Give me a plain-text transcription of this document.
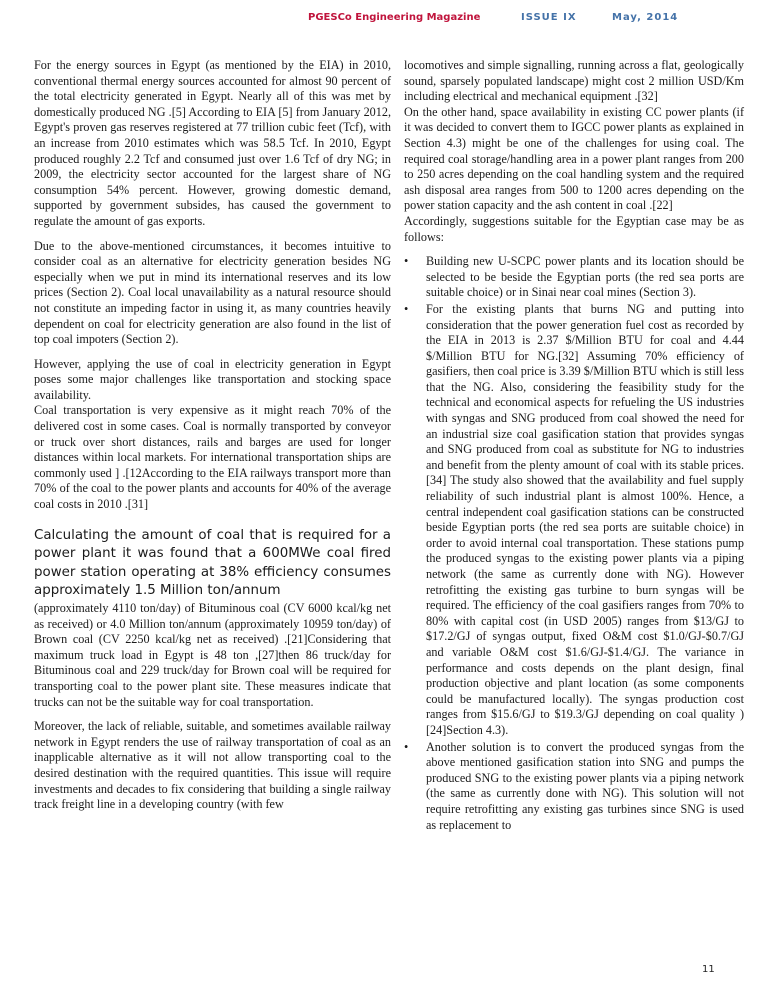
PGESCo Engineering Magazine	ISSUE IX	May, 2014

For the energy sources in Egypt (as mentioned by the EIA) in 2010, conventional thermal energy sources accounted for almost 90 percent of the total electricity generated in Egypt. Nearly all of this was met by domestically produced NG .[5] According to EIA [5] from January 2012, Egypt's proven gas reserves registered at 77 trillion cubic feet (Tcf), with an increase from 2010 estimates which was 58.5 Tcf. In 2010, Egypt produced roughly 2.2 Tcf and consumed just over 1.6 Tcf of dry NG; in 2009, the electricity sector accounted for the largest share of NG consumption 54% percent. However, growing domestic demand, supported by government subsides, has caused the government to regulate the amount of gas exports.

Due to the above-mentioned circumstances, it becomes intuitive to consider coal as an alternative for electricity generation besides NG especially when we put in mind its international reserves and its low prices (Section 2). Coal local unavailability as a natural resource should not constitute an impeding factor in using it, as many countries heavily dependent on coal for electricity generation are also found in the list of top coal impoters (Section 2).

However, applying the use of coal in electricity generation in Egypt poses some major challenges like transportation and stocking space availability.

Coal transportation is very expensive as it might reach 70% of the delivered cost in some cases. Coal is normally transported by conveyor or truck over short distances, rails and barges are used for longer distances within local markets. For international transportation ships are commonly used ] .[12According to the EIA railways transport more than 70% of the coal to the power plants and accounts for 40% of the average coal costs in 2010 .[31]

Calculating the amount of coal that is required for a power plant it was found that a 600MWe coal fired power station operating at 38% efficiency consumes approximately 1.5 Million ton/annum

(approximately 4110 ton/day) of Bituminous coal (CV 6000 kcal/kg net as received) or 4.0 Million ton/annum (approximately 10959 ton/day) of Brown coal (CV 2250 kcal/kg net as received) .[21]Considering that maximum truck load in Egypt is 48 ton ,[27]then 86 truck/day for Bituminous coal and 229 truck/day for Brown coal will be required for transporting coal to the power plant site. These measures indicate that trucks can not be the suitable way for coal transportation.

Moreover, the lack of reliable, suitable, and sometimes available railway network in Egypt renders the use of railway transportation of coal as an inapplicable alternative as it will not allow transporting coal to the desired destination with the required quantities. This issue will require investments and decades to fix considering that building a single railway track freight line in a developing country (with few

locomotives and simple signalling, running across a flat, geologically sound, sparsely populated landscape) might cost 2 million USD/Km including electrical and mechanical equipment .[32]

On the other hand, space availability in existing CC power plants (if it was decided to convert them to IGCC power plants as explained in Section 4.3) might be one of the challenges for using coal. The required coal storage/handling area in a power plant ranges from 200 to 250 acres depending on the coal handling system and the required ash disposal area ranges from 500 to 1200 acres depending on the power station capacity and the ash content in coal .[22]

Accordingly, suggestions suitable for the Egyptian case may be as follows:

• Building new U-SCPC power plants and its location should be selected to be beside the Egyptian ports (the red sea ports are suitable choice) or in Sinai near coal mines (Section 3).
• For the existing plants that burns NG and putting into consideration that the power generation fuel cost as recorded by the EIA in 2013 is 2.37 $/Million BTU for coal and 4.44 $/Million BTU for NG.[32] Assuming 70% efficiency of gasifiers, then coal price is 3.39 $/Million BTU which is still less that the NG. Also, considering the feasibility study for the technical and economical aspects for refueling the US industries with syngas and SNG produced from coal showed the need for an industrial size coal gasification station that provides syngas and SNG produced from coal as substitute for NG to industries and benefit from the plenty amount of coal with its stable prices.[34] The study also showed that the availability and fuel supply reliability of such industrial plant is almost 100%. Hence, a central independent coal gasification stations can be constructed beside Egyptian ports (the red sea ports are suitable choice) in order to avoid internal coal transportation. These stations pump the produced syngas to the existing power plants via a piping network (the same as currently done with NG). However retrofitting the existing gas turbine to burn syngas will be required. The efficiency of the coal gasifiers ranges from 70% to 80% with capital cost (in USD 2005) ranges from $13/GJ to $17.2/GJ of syngas output, fixed O&M cost $1.0/GJ-$0.7/GJ and variable O&M cost $1.6/GJ-$1.4/GJ. The variance in performance and costs depends on the plant design, final production objective and plant location (as some components could be manufactured locally). The syngas production cost ranges from $15.6/GJ to $19.3/GJ depending on coal quality ) [24]Section 4.3).
• Another solution is to convert the produced syngas from the above mentioned gasification station into SNG and pumps the produced SNG to the existing power plants via a piping network (the same as currently done with NG). This solution will not require retrofitting any existing gas turbines since SNG is used as replacement to
11
